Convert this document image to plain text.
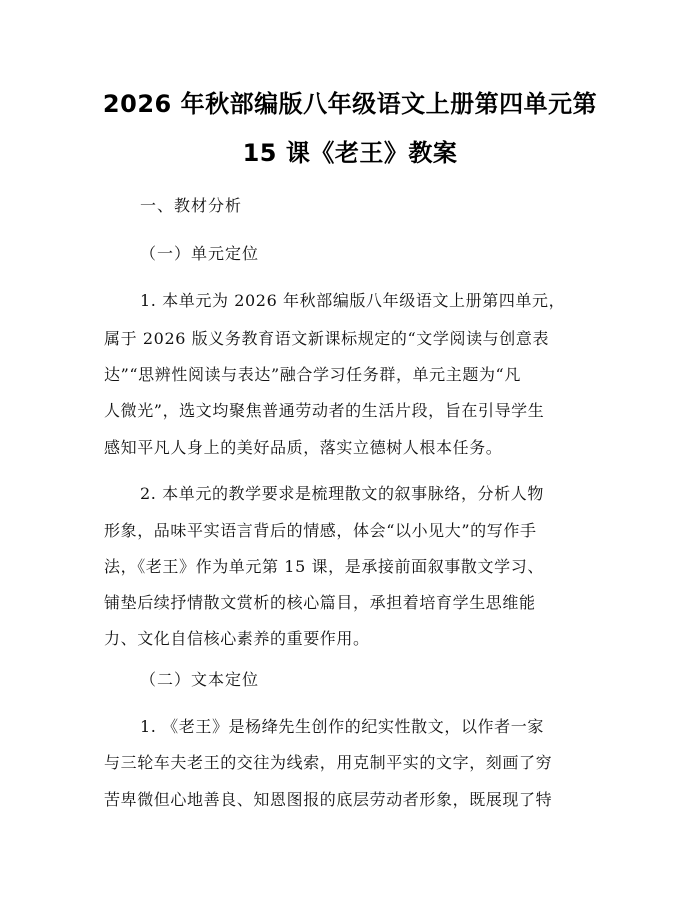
2026 年秋部编版八年级语文上册第四单元第
15 课《老王》教案
一、教材分析
（一）单元定位
1. 本单元为 2026 年秋部编版八年级语文上册第四单元，
属于 2026 版义务教育语文新课标规定的“文学阅读与创意表
达”“思辨性阅读与表达”融合学习任务群，单元主题为“凡
人微光”，选文均聚焦普通劳动者的生活片段，旨在引导学生
感知平凡人身上的美好品质，落实立德树人根本任务。
2. 本单元的教学要求是梳理散文的叙事脉络，分析人物
形象，品味平实语言背后的情感，体会“以小见大”的写作手
法，《老王》作为单元第 15 课，是承接前面叙事散文学习、
铺垫后续抒情散文赏析的核心篇目，承担着培育学生思维能
力、文化自信核心素养的重要作用。
（二）文本定位
1. 《老王》是杨绛先生创作的纪实性散文，以作者一家
与三轮车夫老王的交往为线索，用克制平实的文字，刻画了穷
苦卑微但心地善良、知恩图报的底层劳动者形象，既展现了特
